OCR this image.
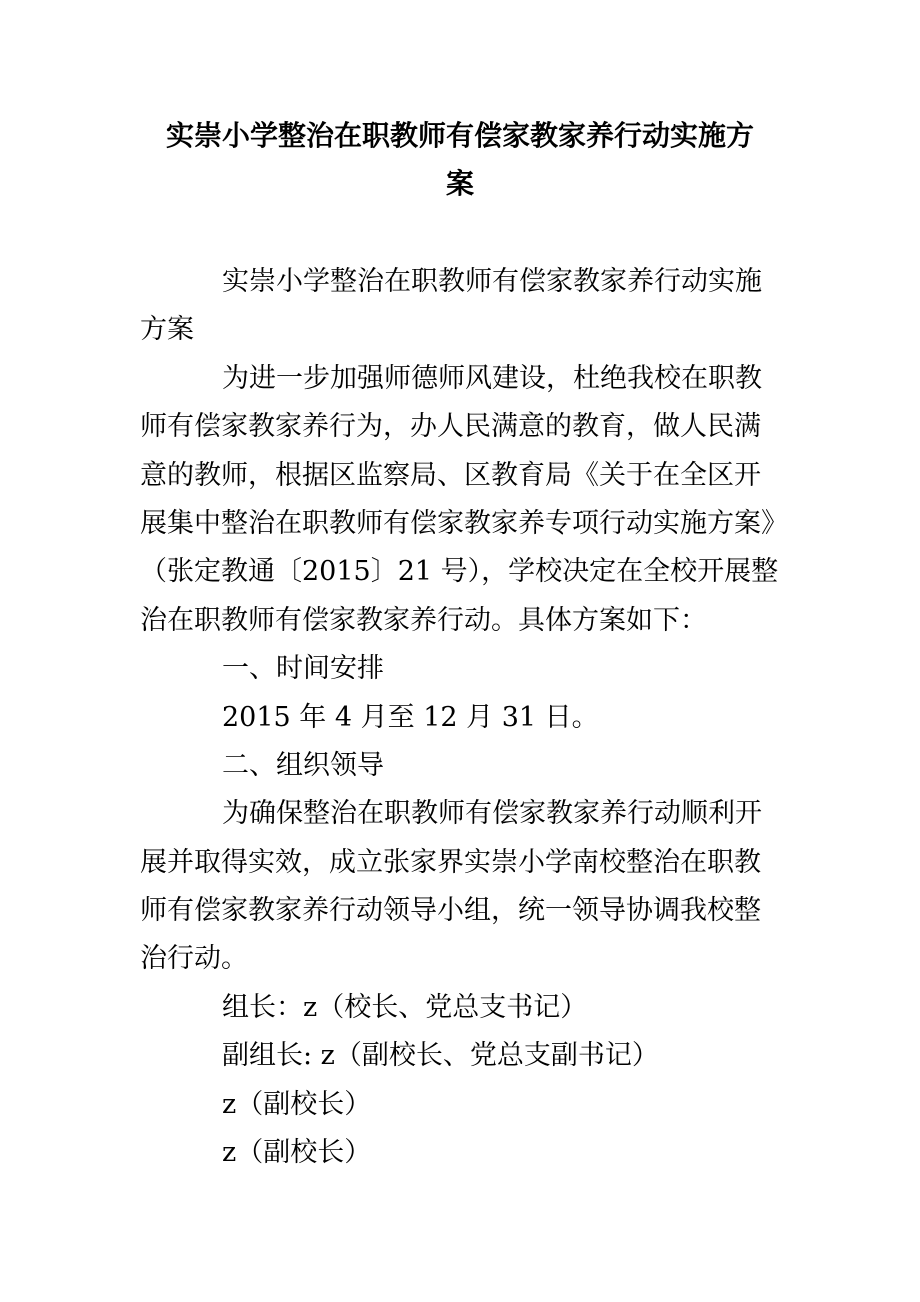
实崇小学整治在职教师有偿家教家养行动实施方
案
实崇小学整治在职教师有偿家教家养行动实施
方案
为进一步加强师德师风建设，杜绝我校在职教
师有偿家教家养行为，办人民满意的教育，做人民满
意的教师，根据区监察局、区教育局《关于在全区开
展集中整治在职教师有偿家教家养专项行动实施方案》
（张定教通〔2015〕21 号），学校决定在全校开展整
治在职教师有偿家教家养行动。具体方案如下：
一、时间安排
2015 年 4 月至 12 月 31 日。
二、组织领导
为确保整治在职教师有偿家教家养行动顺利开
展并取得实效，成立张家界实崇小学南校整治在职教
师有偿家教家养行动领导小组，统一领导协调我校整
治行动。
组长：z（校长、党总支书记）
副组长: z（副校长、党总支副书记）
z（副校长）
z（副校长）
